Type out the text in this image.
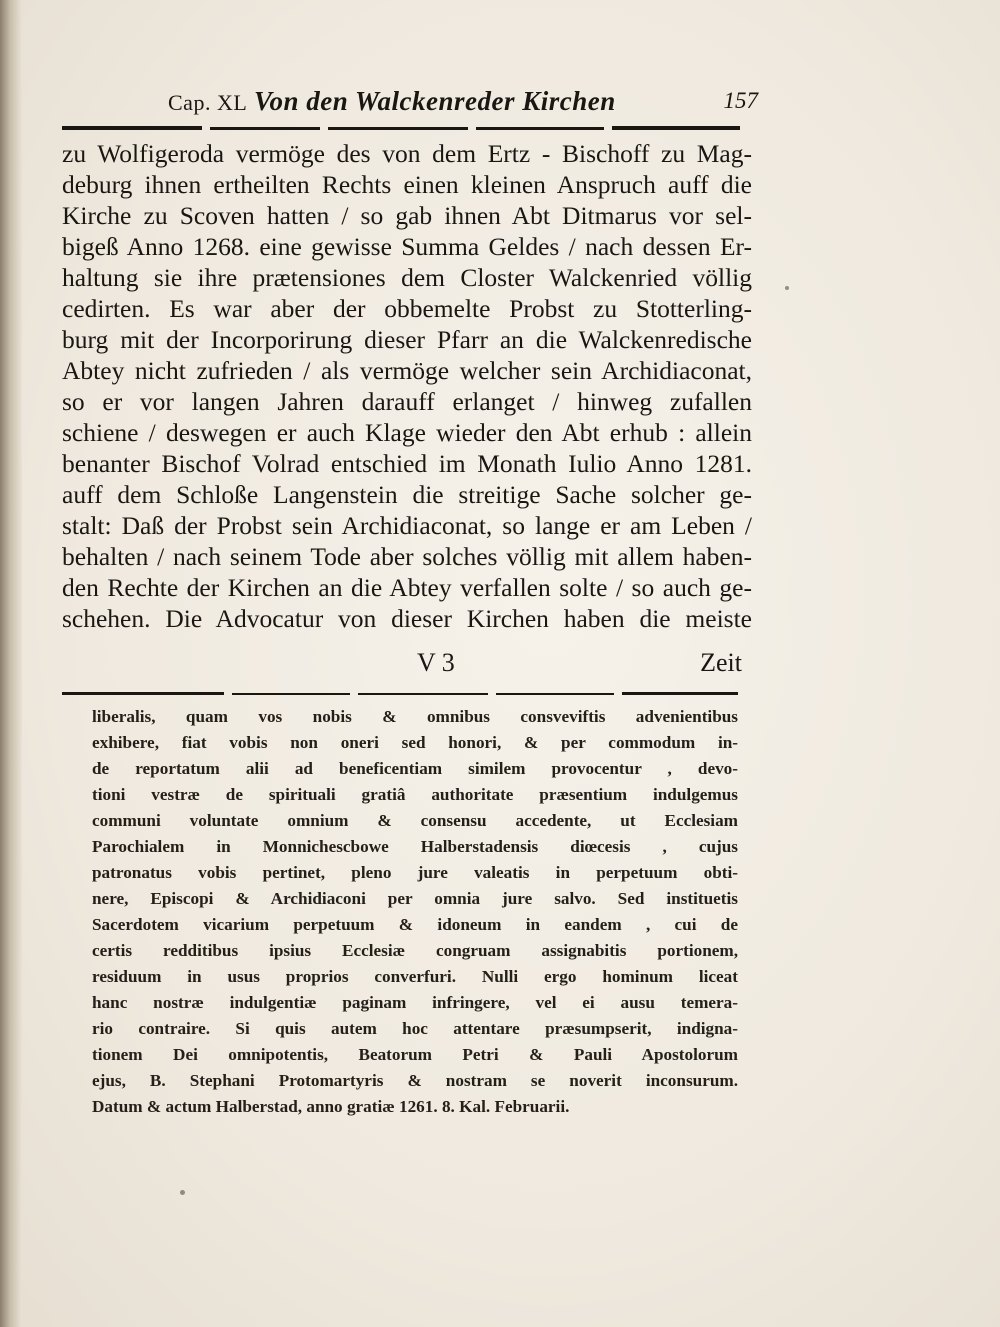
Cap. XL Von den Walckenreder Kirchen	157
zu Wolfigeroda vermöge des von dem Ertz - Bischoff zu Mag-
deburg ihnen ertheilten Rechts einen kleinen Anspruch auff die
Kirche zu Scoven hatten / so gab ihnen Abt Ditmarus vor sel-
bigeß Anno 1268. eine gewisse Summa Geldes / nach dessen Er-
haltung sie ihre prætensiones dem Closter Walckenried völlig
cedirten. Es war aber der obbemelte Probst zu Stotterling-
burg mit der Incorporirung dieser Pfarr an die Walckenredische
Abtey nicht zufrieden / als vermöge welcher sein Archidiaconat,
so er vor langen Jahren darauff erlanget / hinweg zufallen
schiene / deswegen er auch Klage wieder den Abt erhub : allein
benanter Bischof Volrad entschied im Monath Iulio Anno 1281.
auff dem Schloße Langenstein die streitige Sache solcher ge-
stalt: Daß der Probst sein Archidiaconat, so lange er am Leben /
behalten / nach seinem Tode aber solches völlig mit allem haben-
den Rechte der Kirchen an die Abtey verfallen solte / so auch ge-
schehen. Die Advocatur von dieser Kirchen haben die meiste
V 3	Zeit
liberalis, quam vos nobis & omnibus consveviftis advenientibus
exhibere, fiat vobis non oneri sed honori, & per commodum in-
de reportatum alii ad beneficentiam similem provocentur , devo-
tioni vestræ de spirituali gratiâ authoritate præsentium indulgemus
communi voluntate omnium & consensu accedente, ut Ecclesiam
Parochialem in Monnichescbowe Halberstadensis diœcesis , cujus
patronatus vobis pertinet, pleno jure valeatis in perpetuum obti-
nere, Episcopi & Archidiaconi per omnia jure salvo. Sed instituetis
Sacerdotem vicarium perpetuum & idoneum in eandem , cui de
certis redditibus ipsius Ecclesiæ congruam assignabitis portionem,
residuum in usus proprios converfuri. Nulli ergo hominum liceat
hanc nostræ indulgentiæ paginam infringere, vel ei ausu temera-
rio contraire. Si quis autem hoc attentare præsumpserit, indigna-
tionem Dei omnipotentis, Beatorum Petri & Pauli Apostolorum
ejus, B. Stephani Protomartyris & nostram se noverit inconsurum.
Datum & actum Halberstad, anno gratiæ 1261. 8. Kal. Februarii.
